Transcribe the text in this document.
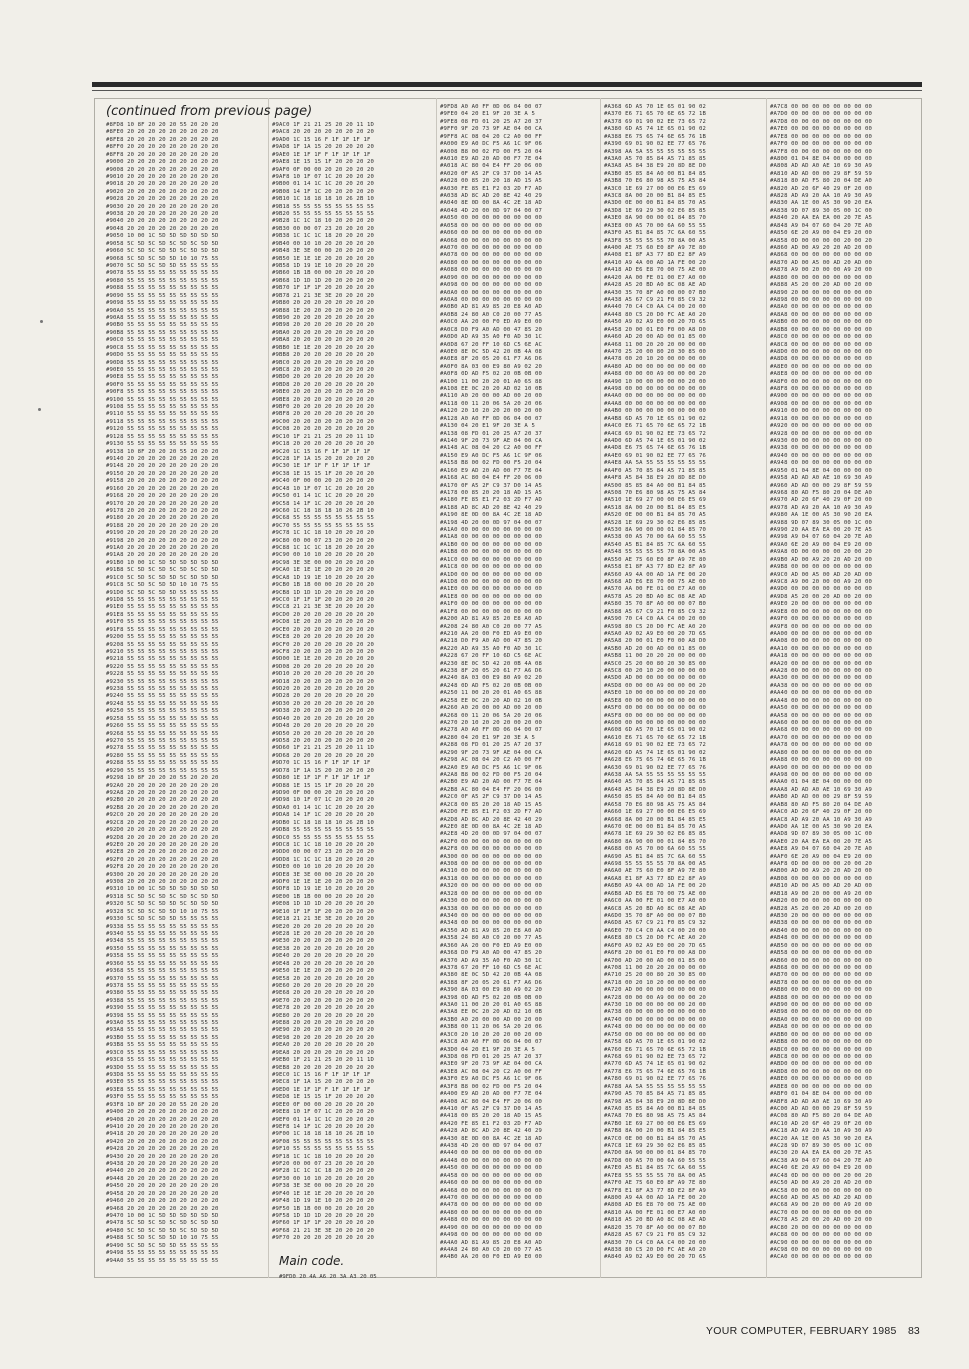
(continued from previous page)
#8FD8 10 8F 20 20 20 55 20 20 20
#8FE0 20 20 20 20 20 20 20 20 20
#8FE8 20 20 20 20 20 20 20 20 20
#8FF0 20 20 20 20 20 20 20 20 20
#8FF8 20 20 20 20 20 20 20 20 20
#9000 20 20 20 20 20 20 20 20 20
#9008 20 20 20 20 20 20 20 20 20
#9010 20 20 20 20 20 20 20 20 20
#9018 20 20 20 20 20 20 20 20 20
#9020 20 20 20 20 20 20 20 20 20
#9028 20 20 20 20 20 20 20 20 20
#9030 20 20 20 20 20 20 20 20 20
#9038 20 20 20 20 20 20 20 20 20
#9040 20 20 20 20 20 20 20 20 20
#9048 20 20 20 20 20 20 20 20 20
#9050 10 00 1C 5D 5D 5D 5D 5D 5D
#9058 5C 5D 5C 5D 5C 5D 5C 5D 5D
#9060 5C 5D 5C 5D 5D 5C 5D 5D 5D
#9068 5C 5D 5C 5D 5D 10 10 75 55
#9070 5C 5D 5C 5D 5D 55 55 55 55
#9078 55 55 55 55 55 55 55 55 55
#9080 55 55 55 55 55 55 55 55 55
#9088 55 55 55 55 55 55 55 55 55
#9090 55 55 55 55 55 55 55 55 55
#9098 55 55 55 55 55 55 55 55 55
#90A0 55 55 55 55 55 55 55 55 55
#90A8 55 55 55 55 55 55 55 55 55
#90B0 55 55 55 55 55 55 55 55 55
#90B8 55 55 55 55 55 55 55 55 55
#90C0 55 55 55 55 55 55 55 55 55
#90C8 55 55 55 55 55 55 55 55 55
#90D0 55 55 55 55 55 55 55 55 55
#90D8 55 55 55 55 55 55 55 55 55
#90E0 55 55 55 55 55 55 55 55 55
#90E8 55 55 55 55 55 55 55 55 55
#90F0 55 55 55 55 55 55 55 55 55
#90F8 55 55 55 55 55 55 55 55 55
#9100 55 55 55 55 55 55 55 55 55
#9108 55 55 55 55 55 55 55 55 55
#9110 55 55 55 55 55 55 55 55 55
#9118 55 55 55 55 55 55 55 55 55
#9120 55 55 55 55 55 55 55 55 55
#9128 55 55 55 55 55 55 55 55 55
#9130 55 55 55 55 55 55 55 55 55
#9138 10 8F 20 20 20 55 20 20 20
#9140 20 20 20 20 20 20 20 20 20
#9148 20 20 20 20 20 20 20 20 20
#9150 20 20 20 20 20 20 20 20 20
#9158 20 20 20 20 20 20 20 20 20
#9160 20 20 20 20 20 20 20 20 20
#9168 20 20 20 20 20 20 20 20 20
#9170 20 20 20 20 20 20 20 20 20
#9178 20 20 20 20 20 20 20 20 20
#9180 20 20 20 20 20 20 20 20 20
#9188 20 20 20 20 20 20 20 20 20
#9190 20 20 20 20 20 20 20 20 20
#9198 20 20 20 20 20 20 20 20 20
#91A0 20 20 20 20 20 20 20 20 20
#91A8 20 20 20 20 20 20 20 20 20
#91B0 10 00 1C 5D 5D 5D 5D 5D 5D
#91B8 5C 5D 5C 5D 5C 5D 5C 5D 5D
#91C0 5C 5D 5C 5D 5D 5C 5D 5D 5D
#91C8 5C 5D 5C 5D 5D 10 10 75 55
#91D0 5C 5D 5C 5D 5D 55 55 55 55
#91D8 55 55 55 55 55 55 55 55 55
#91E0 55 55 55 55 55 55 55 55 55
#91E8 55 55 55 55 55 55 55 55 55
#91F0 55 55 55 55 55 55 55 55 55
#91F8 55 55 55 55 55 55 55 55 55
#9200 55 55 55 55 55 55 55 55 55
#9208 55 55 55 55 55 55 55 55 55
#9210 55 55 55 55 55 55 55 55 55
#9218 55 55 55 55 55 55 55 55 55
#9220 55 55 55 55 55 55 55 55 55
#9228 55 55 55 55 55 55 55 55 55
#9230 55 55 55 55 55 55 55 55 55
#9238 55 55 55 55 55 55 55 55 55
#9240 55 55 55 55 55 55 55 55 55
#9248 55 55 55 55 55 55 55 55 55
#9250 55 55 55 55 55 55 55 55 55
#9258 55 55 55 55 55 55 55 55 55
#9260 55 55 55 55 55 55 55 55 55
#9268 55 55 55 55 55 55 55 55 55
#9270 55 55 55 55 55 55 55 55 55
#9278 55 55 55 55 55 55 55 55 55
#9280 55 55 55 55 55 55 55 55 55
#9288 55 55 55 55 55 55 55 55 55
#9290 55 55 55 55 55 55 55 55 55
#9298 10 8F 20 20 20 55 20 20 20
#92A0 20 20 20 20 20 20 20 20 20
#92A8 20 20 20 20 20 20 20 20 20
#92B0 20 20 20 20 20 20 20 20 20
#92B8 20 20 20 20 20 20 20 20 20
#92C0 20 20 20 20 20 20 20 20 20
#92C8 20 20 20 20 20 20 20 20 20
#92D0 20 20 20 20 20 20 20 20 20
#92D8 20 20 20 20 20 20 20 20 20
#92E0 20 20 20 20 20 20 20 20 20
#92E8 20 20 20 20 20 20 20 20 20
#92F0 20 20 20 20 20 20 20 20 20
#92F8 20 20 20 20 20 20 20 20 20
#9300 20 20 20 20 20 20 20 20 20
#9308 20 20 20 20 20 20 20 20 20
#9310 10 00 1C 5D 5D 5D 5D 5D 5D
#9318 5C 5D 5C 5D 5C 5D 5C 5D 5D
#9320 5C 5D 5C 5D 5D 5C 5D 5D 5D
#9328 5C 5D 5C 5D 5D 10 10 75 55
#9330 5C 5D 5C 5D 5D 55 55 55 55
#9338 55 55 55 55 55 55 55 55 55
#9340 55 55 55 55 55 55 55 55 55
#9348 55 55 55 55 55 55 55 55 55
#9350 55 55 55 55 55 55 55 55 55
#9358 55 55 55 55 55 55 55 55 55
#9360 55 55 55 55 55 55 55 55 55
#9368 55 55 55 55 55 55 55 55 55
#9370 55 55 55 55 55 55 55 55 55
#9378 55 55 55 55 55 55 55 55 55
#9380 55 55 55 55 55 55 55 55 55
#9388 55 55 55 55 55 55 55 55 55
#9390 55 55 55 55 55 55 55 55 55
#9398 55 55 55 55 55 55 55 55 55
#93A0 55 55 55 55 55 55 55 55 55
#93A8 55 55 55 55 55 55 55 55 55
#93B0 55 55 55 55 55 55 55 55 55
#93B8 55 55 55 55 55 55 55 55 55
#93C0 55 55 55 55 55 55 55 55 55
#93C8 55 55 55 55 55 55 55 55 55
#93D0 55 55 55 55 55 55 55 55 55
#93D8 55 55 55 55 55 55 55 55 55
#93E0 55 55 55 55 55 55 55 55 55
#93E8 55 55 55 55 55 55 55 55 55
#93F0 55 55 55 55 55 55 55 55 55
#93F8 10 8F 20 20 20 55 20 20 20
#9400 20 20 20 20 20 20 20 20 20
#9408 20 20 20 20 20 20 20 20 20
#9410 20 20 20 20 20 20 20 20 20
#9418 20 20 20 20 20 20 20 20 20
#9420 20 20 20 20 20 20 20 20 20
#9428 20 20 20 20 20 20 20 20 20
#9430 20 20 20 20 20 20 20 20 20
#9438 20 20 20 20 20 20 20 20 20
#9440 20 20 20 20 20 20 20 20 20
#9448 20 20 20 20 20 20 20 20 20
#9450 20 20 20 20 20 20 20 20 20
#9458 20 20 20 20 20 20 20 20 20
#9460 20 20 20 20 20 20 20 20 20
#9468 20 20 20 20 20 20 20 20 20
#9470 10 00 1C 5D 5D 5D 5D 5D 5D
#9478 5C 5D 5C 5D 5C 5D 5C 5D 5D
#9480 5C 5D 5C 5D 5D 5C 5D 5D 5D
#9488 5C 5D 5C 5D 5D 10 10 75 55
#9490 5C 5D 5C 5D 5D 55 55 55 55
#9498 55 55 55 55 55 55 55 55 55
#94A0 55 55 55 55 55 55 55 55 55
#9AC0 1F 21 21 25 20 20 11 1D
#9AC8 20 20 20 20 20 20 20 20
#9AD0 1C 15 16 F 1F 1F 1F 1F
#9AD8 1F 1A 15 20 20 20 20 20
#9AE0 1E 1F 1F F 1F 1F 1F 1F
#9AE8 1E 15 15 1F 20 20 20 20
#9AF0 0F 00 00 20 20 20 20 20
#9AF8 10 1F 07 1C 20 20 20 20
#9B00 01 14 1C 1C 20 20 20 20
#9B08 14 1F 1C 20 20 20 20 20
#9B10 1C 18 18 18 10 26 2B 10
#9B18 55 55 55 55 55 55 55 55
#9B20 55 55 55 55 55 55 55 55
#9B28 1C 1C 18 10 20 20 20 20
#9B30 00 00 07 23 20 20 20 20
#9B38 1C 1C 1C 18 20 20 20 20
#9B40 00 10 10 20 20 20 20 20
#9B48 3E 3E 00 00 20 20 20 20
#9B50 1E 1E 1E 20 20 20 20 20
#9B58 1D 19 1E 10 20 20 20 20
#9B60 1B 1B 00 00 20 20 20 20
#9B68 1D 1D 1D 20 20 20 20 20
#9B70 1F 1F 1F 20 20 20 20 20
#9B78 21 21 3E 3E 20 20 20 20
#9B80 20 20 20 20 20 20 20 20
#9B88 1E 20 20 20 20 20 20 20
#9B90 20 20 20 20 20 20 20 20
#9B98 20 20 20 20 20 20 20 20
#9BA0 20 20 20 20 20 20 20 20
#9BA8 20 20 20 20 20 20 20 20
#9BB0 1E 1E 20 20 20 20 20 20
#9BB8 20 20 20 20 20 20 20 20
#9BC0 20 20 20 20 20 20 20 20
#9BC8 20 20 20 20 20 20 20 20
#9BD0 20 20 20 20 20 20 20 20
#9BD8 20 20 20 20 20 20 20 20
#9BE0 20 20 20 20 20 20 20 20
#9BE8 20 20 20 20 20 20 20 20
#9BF0 20 20 20 20 20 20 20 20
#9BF8 20 20 20 20 20 20 20 20
#9C00 20 20 20 20 20 20 20 20
#9C08 20 20 20 20 20 20 20 20
#9C10 1F 21 21 25 20 20 11 1D
#9C18 20 20 20 20 20 20 20 20
#9C20 1C 15 16 F 1F 1F 1F 1F
#9C28 1F 1A 15 20 20 20 20 20
#9C30 1E 1F 1F F 1F 1F 1F 1F
#9C38 1E 15 15 1F 20 20 20 20
#9C40 0F 00 00 20 20 20 20 20
#9C48 10 1F 07 1C 20 20 20 20
#9C50 01 14 1C 1C 20 20 20 20
#9C58 14 1F 1C 20 20 20 20 20
#9C60 1C 18 18 18 10 26 2B 10
#9C68 55 55 55 55 55 55 55 55
#9C70 55 55 55 55 55 55 55 55
#9C78 1C 1C 18 10 20 20 20 20
#9C80 00 00 07 23 20 20 20 20
#9C88 1C 1C 1C 18 20 20 20 20
#9C90 00 10 10 20 20 20 20 20
#9C98 3E 3E 00 00 20 20 20 20
#9CA0 1E 1E 1E 20 20 20 20 20
#9CA8 1D 19 1E 10 20 20 20 20
#9CB0 1B 1B 00 00 20 20 20 20
#9CB8 1D 1D 1D 20 20 20 20 20
#9CC0 1F 1F 1F 20 20 20 20 20
#9CC8 21 21 3E 3E 20 20 20 20
#9CD0 20 20 20 20 20 20 20 20
#9CD8 1E 20 20 20 20 20 20 20
#9CE0 20 20 20 20 20 20 20 20
#9CE8 20 20 20 20 20 20 20 20
#9CF0 20 20 20 20 20 20 20 20
#9CF8 20 20 20 20 20 20 20 20
#9D00 1E 1E 20 20 20 20 20 20
#9D08 20 20 20 20 20 20 20 20
#9D10 20 20 20 20 20 20 20 20
#9D18 20 20 20 20 20 20 20 20
#9D20 20 20 20 20 20 20 20 20
#9D28 20 20 20 20 20 20 20 20
#9D30 20 20 20 20 20 20 20 20
#9D38 20 20 20 20 20 20 20 20
#9D40 20 20 20 20 20 20 20 20
#9D48 20 20 20 20 20 20 20 20
#9D50 20 20 20 20 20 20 20 20
#9D58 20 20 20 20 20 20 20 20
#9D60 1F 21 21 25 20 20 11 1D
#9D68 20 20 20 20 20 20 20 20
#9D70 1C 15 16 F 1F 1F 1F 1F
#9D78 1F 1A 15 20 20 20 20 20
#9D80 1E 1F 1F F 1F 1F 1F 1F
#9D88 1E 15 15 1F 20 20 20 20
#9D90 0F 00 00 20 20 20 20 20
#9D98 10 1F 07 1C 20 20 20 20
#9DA0 01 14 1C 1C 20 20 20 20
#9DA8 14 1F 1C 20 20 20 20 20
#9DB0 1C 18 18 18 10 26 2B 10
#9DB8 55 55 55 55 55 55 55 55
#9DC0 55 55 55 55 55 55 55 55
#9DC8 1C 1C 18 10 20 20 20 20
#9DD0 00 00 07 23 20 20 20 20
#9DD8 1C 1C 1C 18 20 20 20 20
#9DE0 00 10 10 20 20 20 20 20
#9DE8 3E 3E 00 00 20 20 20 20
#9DF0 1E 1E 1E 20 20 20 20 20
#9DF8 1D 19 1E 10 20 20 20 20
#9E00 1B 1B 00 00 20 20 20 20
#9E08 1D 1D 1D 20 20 20 20 20
#9E10 1F 1F 1F 20 20 20 20 20
#9E18 21 21 3E 3E 20 20 20 20
#9E20 20 20 20 20 20 20 20 20
#9E28 1E 20 20 20 20 20 20 20
#9E30 20 20 20 20 20 20 20 20
#9E38 20 20 20 20 20 20 20 20
#9E40 20 20 20 20 20 20 20 20
#9E48 20 20 20 20 20 20 20 20
#9E50 1E 1E 20 20 20 20 20 20
#9E58 20 20 20 20 20 20 20 20
#9E60 20 20 20 20 20 20 20 20
#9E68 20 20 20 20 20 20 20 20
#9E70 20 20 20 20 20 20 20 20
#9E78 20 20 20 20 20 20 20 20
#9E80 20 20 20 20 20 20 20 20
#9E88 20 20 20 20 20 20 20 20
#9E90 20 20 20 20 20 20 20 20
#9E98 20 20 20 20 20 20 20 20
#9EA0 20 20 20 20 20 20 20 20
#9EA8 20 20 20 20 20 20 20 20
#9EB0 1F 21 21 25 20 20 11 1D
#9EB8 20 20 20 20 20 20 20 20
#9EC0 1C 15 16 F 1F 1F 1F 1F
#9EC8 1F 1A 15 20 20 20 20 20
#9ED0 1E 1F 1F F 1F 1F 1F 1F
#9ED8 1E 15 15 1F 20 20 20 20
#9EE0 0F 00 00 20 20 20 20 20
#9EE8 10 1F 07 1C 20 20 20 20
#9EF0 01 14 1C 1C 20 20 20 20
#9EF8 14 1F 1C 20 20 20 20 20
#9F00 1C 18 18 18 10 26 2B 10
#9F08 55 55 55 55 55 55 55 55
#9F10 55 55 55 55 55 55 55 55
#9F18 1C 1C 18 10 20 20 20 20
#9F20 00 00 07 23 20 20 20 20
#9F28 1C 1C 1C 18 20 20 20 20
#9F30 00 10 10 20 20 20 20 20
#9F38 3E 3E 00 00 20 20 20 20
#9F40 1E 1E 1E 20 20 20 20 20
#9F48 1D 19 1E 10 20 20 20 20
#9F50 1B 1B 00 00 20 20 20 20
#9F58 1D 1D 1D 20 20 20 20 20
#9F60 1F 1F 1F 20 20 20 20 20
#9F68 21 21 3E 3E 20 20 20 20
#9F70 20 20 20 20 20 20 20 20
#9FD8 A0 A0 FF 0D 06 04 00 07
#9FE0 04 20 E1 9F 20 3E A 5
#9FE8 08 FD 01 20 25 A7 20 37
#9FF0 9F 20 73 9F AE 04 00 CA
#9FF8 AC 08 04 20 C2 A0 00 FF
#A000 E9 A0 DC F5 A6 1C 9F 06
#A008 B8 00 02 FD 00 F5 20 04
#A010 E9 AD 20 AD 00 F7 7E 04
#A018 AC 80 04 E4 FF 20 06 00
#A020 0F A5 2F C9 37 D0 14 A5
#A028 00 85 20 20 18 AD 15 A5
#A030 FE 85 E1 F2 03 2D F7 AD
#A038 AD 8C AD 20 8E 42 40 29
#A040 8E 0D 00 8A 4C 2E 18 AD
#A048 4D 20 00 0D 97 04 00 07
#A050 00 00 00 00 00 00 00 00
#A058 00 00 00 00 00 00 00 00
#A060 00 00 00 00 00 00 00 00
#A068 00 00 00 00 00 00 00 00
#A070 00 00 00 00 00 00 00 00
#A078 00 00 00 00 00 00 00 00
#A080 00 00 00 00 00 00 00 00
#A088 00 00 00 00 00 00 00 00
#A090 00 00 00 00 00 00 00 00
#A098 00 00 00 00 00 00 00 00
#A0A0 00 00 00 00 00 00 00 00
#A0A8 00 00 00 00 00 00 00 00
#A0B0 AD 81 A9 85 20 E8 A0 AD
#A0B8 24 80 A0 C0 20 00 77 A5
#A0C0 AA 20 00 F0 ED A9 E0 00
#A0C8 D0 F9 A0 AD 00 47 85 20
#A0D0 AD A9 35 A0 F0 AD 30 1C
#A0D8 67 20 FF 10 6D C5 6E AC
#A0E0 8E 0C 5D 42 20 0B 4A 08
#A0E8 8F 20 05 20 61 F7 A6 D6
#A0F0 8A 03 00 E9 80 A9 02 20
#A0F8 0D AD F5 02 20 0B 0B 00
#A100 11 00 20 20 01 A0 65 88
#A108 EE 0C 20 20 AD 02 10 0B
#A110 A0 20 00 00 AD 00 20 00
#A118 00 11 20 06 5A 20 20 06
#A120 20 10 20 20 20 00 20 00
#A128 A0 A0 FF 0D 06 04 00 07
#A130 04 20 E1 9F 20 3E A 5
#A138 08 FD 01 20 25 A7 20 37
#A140 9F 20 73 9F AE 04 00 CA
#A148 AC 08 04 20 C2 A0 00 FF
#A150 E9 A0 DC F5 A6 1C 9F 06
#A158 B8 00 02 FD 00 F5 20 04
#A160 E9 AD 20 AD 00 F7 7E 04
#A168 AC 80 04 E4 FF 20 06 00
#A170 0F A5 2F C9 37 D0 14 A5
#A178 00 85 20 20 18 AD 15 A5
#A180 FE 85 E1 F2 03 2D F7 AD
#A188 AD 8C AD 20 8E 42 40 29
#A190 8E 0D 00 8A 4C 2E 18 AD
#A198 4D 20 00 0D 97 04 00 07
#A1A0 00 00 00 00 00 00 00 00
#A1A8 00 00 00 00 00 00 00 00
#A1B0 00 00 00 00 00 00 00 00
#A1B8 00 00 00 00 00 00 00 00
#A1C0 00 00 00 00 00 00 00 00
#A1C8 00 00 00 00 00 00 00 00
#A1D0 00 00 00 00 00 00 00 00
#A1D8 00 00 00 00 00 00 00 00
#A1E0 00 00 00 00 00 00 00 00
#A1E8 00 00 00 00 00 00 00 00
#A1F0 00 00 00 00 00 00 00 00
#A1F8 00 00 00 00 00 00 00 00
#A200 AD 81 A9 85 20 E8 A0 AD
#A208 24 80 A0 C0 20 00 77 A5
#A210 AA 20 00 F0 ED A9 E0 00
#A218 D0 F9 A0 AD 00 47 85 20
#A220 AD A9 35 A0 F0 AD 30 1C
#A228 67 20 FF 10 6D C5 6E AC
#A230 8E 0C 5D 42 20 0B 4A 08
#A238 8F 20 05 20 61 F7 A6 D6
#A240 8A 03 00 E9 80 A9 02 20
#A248 0D AD F5 02 20 0B 0B 00
#A250 11 00 20 20 01 A0 65 88
#A258 EE 0C 20 20 AD 02 10 0B
#A260 A0 20 00 00 AD 00 20 00
#A268 00 11 20 06 5A 20 20 06
#A270 20 10 20 20 20 00 20 00
#A278 A0 A0 FF 0D 06 04 00 07
#A280 04 20 E1 9F 20 3E A 5
#A288 08 FD 01 20 25 A7 20 37
#A290 9F 20 73 9F AE 04 00 CA
#A298 AC 08 04 20 C2 A0 00 FF
#A2A0 E9 A0 DC F5 A6 1C 9F 06
#A2A8 B8 00 02 FD 00 F5 20 04
#A2B0 E9 AD 20 AD 00 F7 7E 04
#A2B8 AC 80 04 E4 FF 20 06 00
#A2C0 0F A5 2F C9 37 D0 14 A5
#A2C8 00 85 20 20 18 AD 15 A5
#A2D0 FE 85 E1 F2 03 2D F7 AD
#A2D8 AD 8C AD 20 8E 42 40 29
#A2E0 8E 0D 00 8A 4C 2E 18 AD
#A2E8 4D 20 00 0D 97 04 00 07
#A2F0 00 00 00 00 00 00 00 00
#A2F8 00 00 00 00 00 00 00 00
#A300 00 00 00 00 00 00 00 00
#A308 00 00 00 00 00 00 00 00
#A310 00 00 00 00 00 00 00 00
#A318 00 00 00 00 00 00 00 00
#A320 00 00 00 00 00 00 00 00
#A328 00 00 00 00 00 00 00 00
#A330 00 00 00 00 00 00 00 00
#A338 00 00 00 00 00 00 00 00
#A340 00 00 00 00 00 00 00 00
#A348 00 00 00 00 00 00 00 00
#A350 AD 81 A9 85 20 E8 A0 AD
#A358 24 80 A0 C0 20 00 77 A5
#A360 AA 20 00 F0 ED A9 E0 00
#A368 D0 F9 A0 AD 00 47 85 20
#A370 AD A9 35 A0 F0 AD 30 1C
#A378 67 20 FF 10 6D C5 6E AC
#A380 8E 0C 5D 42 20 0B 4A 08
#A388 8F 20 05 20 61 F7 A6 D6
#A390 8A 03 00 E9 80 A9 02 20
#A398 0D AD F5 02 20 0B 0B 00
#A3A0 11 00 20 20 01 A0 65 88
#A3A8 EE 0C 20 20 AD 02 10 0B
#A3B0 A0 20 00 00 AD 00 20 00
#A3B8 00 11 20 06 5A 20 20 06
#A3C0 20 10 20 20 20 00 20 00
#A3C8 A0 A0 FF 0D 06 04 00 07
#A3D0 04 20 E1 9F 20 3E A 5
#A3D8 08 FD 01 20 25 A7 20 37
#A3E0 9F 20 73 9F AE 04 00 CA
#A3E8 AC 08 04 20 C2 A0 00 FF
#A3F0 E9 A0 DC F5 A6 1C 9F 06
#A3F8 B8 00 02 FD 00 F5 20 04
#A400 E9 AD 20 AD 00 F7 7E 04
#A408 AC 80 04 E4 FF 20 06 00
#A410 0F A5 2F C9 37 D0 14 A5
#A418 00 85 20 20 18 AD 15 A5
#A420 FE 85 E1 F2 03 2D F7 AD
#A428 AD 8C AD 20 8E 42 40 29
#A430 8E 0D 00 8A 4C 2E 18 AD
#A438 4D 20 00 0D 97 04 00 07
#A440 00 00 00 00 00 00 00 00
#A448 00 00 00 00 00 00 00 00
#A450 00 00 00 00 00 00 00 00
#A458 00 00 00 00 00 00 00 00
#A460 00 00 00 00 00 00 00 00
#A468 00 00 00 00 00 00 00 00
#A470 00 00 00 00 00 00 00 00
#A478 00 00 00 00 00 00 00 00
#A480 00 00 00 00 00 00 00 00
#A488 00 00 00 00 00 00 00 00
#A490 00 00 00 00 00 00 00 00
#A498 00 00 00 00 00 00 00 00
#A4A0 AD 81 A9 85 20 E8 A0 AD
#A4A8 24 80 A0 C0 20 00 77 A5
#A4B0 AA 20 00 F0 ED A9 E0 00
#A368 6D A5 70 1E 65 01 90 02
#A370 E6 71 65 70 6E 65 72 1B
#A378 69 01 90 02 EE 73 65 72
#A380 6D A5 74 1E 65 01 90 02
#A388 E6 75 65 74 6E 65 76 1B
#A390 69 01 90 02 EE 77 65 76
#A398 AA 5A 55 55 55 55 55 55
#A3A0 A5 70 85 84 A5 71 85 85
#A3A8 A5 84 38 E9 20 8D 8E D0
#A3B0 85 85 84 A0 00 B1 84 85
#A3B8 70 E6 80 98 A5 75 A5 84
#A3C0 1E 69 27 00 00 E6 E5 69
#A3C8 8A 00 20 00 B1 84 85 E5
#A3D0 0E 00 00 B1 84 85 70 A5
#A3D8 1E 69 29 30 02 E6 85 85
#A3E0 8A 90 00 00 01 84 85 70
#A3E8 00 A5 70 00 6A 60 55 55
#A3F0 A5 B1 84 85 7C 6A 60 55
#A3F8 55 55 55 55 70 8A 00 A5
#A400 AE 75 60 E0 8F A9 7E 80
#A408 E1 8F A3 77 8D E2 8F A9
#A410 A9 4A 00 AD 1A FE 00 20
#A418 AD E6 E8 70 00 75 AE 00
#A420 AA 00 FE 01 00 E7 A0 00
#A428 A5 20 BD A0 8C 08 AE AD
#A430 35 70 8F A0 00 00 07 B0
#A438 A5 67 C9 21 F0 85 C9 32
#A440 70 C4 C0 AA C4 00 20 00
#A448 80 C5 20 D0 FC AE A0 20
#A450 A9 02 A9 E0 00 20 7D 65
#A458 20 00 01 E0 F0 00 A8 D0
#A460 AD 20 00 AD 00 01 85 00
#A468 11 00 20 20 20 00 00 00
#A470 25 20 00 80 20 30 85 00
#A478 00 20 10 20 00 00 00 00
#A480 AD 00 00 00 00 00 00 00
#A488 00 00 00 A9 00 00 00 20
#A490 10 00 00 00 00 00 20 00
#A498 00 00 00 00 00 00 00 00
#A4A0 00 00 00 00 00 00 00 00
#A4A8 00 00 00 00 00 00 00 00
#A4B0 00 00 00 00 00 00 00 00
#A4B8 6D A5 70 1E 65 01 90 02
#A4C0 E6 71 65 70 6E 65 72 1B
#A4C8 69 01 90 02 EE 73 65 72
#A4D0 6D A5 74 1E 65 01 90 02
#A4D8 E6 75 65 74 6E 65 76 1B
#A4E0 69 01 90 02 EE 77 65 76
#A4E8 AA 5A 55 55 55 55 55 55
#A4F0 A5 70 85 84 A5 71 85 85
#A4F8 A5 84 38 E9 20 8D 8E D0
#A500 85 85 84 A0 00 B1 84 85
#A508 70 E6 80 98 A5 75 A5 84
#A510 1E 69 27 00 00 E6 E5 69
#A518 8A 00 20 00 B1 84 85 E5
#A520 0E 00 00 B1 84 85 70 A5
#A528 1E 69 29 30 02 E6 85 85
#A530 8A 90 00 00 01 84 85 70
#A538 00 A5 70 00 6A 60 55 55
#A540 A5 B1 84 85 7C 6A 60 55
#A548 55 55 55 55 70 8A 00 A5
#A550 AE 75 60 E0 8F A9 7E 80
#A558 E1 8F A3 77 8D E2 8F A9
#A560 A9 4A 00 AD 1A FE 00 20
#A568 AD E6 E8 70 00 75 AE 00
#A570 AA 00 FE 01 00 E7 A0 00
#A578 A5 20 BD A0 8C 08 AE AD
#A580 35 70 8F A0 00 00 07 B0
#A588 A5 67 C9 21 F0 85 C9 32
#A590 70 C4 C0 AA C4 00 20 00
#A598 80 C5 20 D0 FC AE A0 20
#A5A0 A9 02 A9 E0 00 20 7D 65
#A5A8 20 00 01 E0 F0 00 A8 D0
#A5B0 AD 20 00 AD 00 01 85 00
#A5B8 11 00 20 20 20 00 00 00
#A5C0 25 20 00 80 20 30 85 00
#A5C8 00 20 10 20 00 00 00 00
#A5D0 AD 00 00 00 00 00 00 00
#A5D8 00 00 00 A9 00 00 00 20
#A5E0 10 00 00 00 00 00 20 00
#A5E8 00 00 00 00 00 00 00 00
#A5F0 00 00 00 00 00 00 00 00
#A5F8 00 00 00 00 00 00 00 00
#A600 00 00 00 00 00 00 00 00
#A608 6D A5 70 1E 65 01 90 02
#A610 E6 71 65 70 6E 65 72 1B
#A618 69 01 90 02 EE 73 65 72
#A620 6D A5 74 1E 65 01 90 02
#A628 E6 75 65 74 6E 65 76 1B
#A630 69 01 90 02 EE 77 65 76
#A638 AA 5A 55 55 55 55 55 55
#A640 A5 70 85 84 A5 71 85 85
#A648 A5 84 38 E9 20 8D 8E D0
#A650 85 85 84 A0 00 B1 84 85
#A658 70 E6 80 98 A5 75 A5 84
#A660 1E 69 27 00 00 E6 E5 69
#A668 8A 00 20 00 B1 84 85 E5
#A670 0E 00 00 B1 84 85 70 A5
#A678 1E 69 29 30 02 E6 85 85
#A680 8A 90 00 00 01 84 85 70
#A688 00 A5 70 00 6A 60 55 55
#A690 A5 B1 84 85 7C 6A 60 55
#A698 55 55 55 55 70 8A 00 A5
#A6A0 AE 75 60 E0 8F A9 7E 80
#A6A8 E1 8F A3 77 8D E2 8F A9
#A6B0 A9 4A 00 AD 1A FE 00 20
#A6B8 AD E6 E8 70 00 75 AE 00
#A6C0 AA 00 FE 01 00 E7 A0 00
#A6C8 A5 20 BD A0 8C 08 AE AD
#A6D0 35 70 8F A0 00 00 07 B0
#A6D8 A5 67 C9 21 F0 85 C9 32
#A6E0 70 C4 C0 AA C4 00 20 00
#A6E8 80 C5 20 D0 FC AE A0 20
#A6F0 A9 02 A9 E0 00 20 7D 65
#A6F8 20 00 01 E0 F0 00 A8 D0
#A700 AD 20 00 AD 00 01 85 00
#A708 11 00 20 20 20 00 00 00
#A710 25 20 00 80 20 30 85 00
#A718 00 20 10 20 00 00 00 00
#A720 AD 00 00 00 00 00 00 00
#A728 00 00 00 A9 00 00 00 20
#A730 10 00 00 00 00 00 20 00
#A738 00 00 00 00 00 00 00 00
#A740 00 00 00 00 00 00 00 00
#A748 00 00 00 00 00 00 00 00
#A750 00 00 00 00 00 00 00 00
#A758 6D A5 70 1E 65 01 90 02
#A760 E6 71 65 70 6E 65 72 1B
#A768 69 01 90 02 EE 73 65 72
#A770 6D A5 74 1E 65 01 90 02
#A778 E6 75 65 74 6E 65 76 1B
#A780 69 01 90 02 EE 77 65 76
#A788 AA 5A 55 55 55 55 55 55
#A790 A5 70 85 84 A5 71 85 85
#A798 A5 84 38 E9 20 8D 8E D0
#A7A0 85 85 84 A0 00 B1 84 85
#A7A8 70 E6 80 98 A5 75 A5 84
#A7B0 1E 69 27 00 00 E6 E5 69
#A7B8 8A 00 20 00 B1 84 85 E5
#A7C0 0E 00 00 B1 84 85 70 A5
#A7C8 1E 69 29 30 02 E6 85 85
#A7D0 8A 90 00 00 01 84 85 70
#A7D8 00 A5 70 00 6A 60 55 55
#A7E0 A5 B1 84 85 7C 6A 60 55
#A7E8 55 55 55 55 70 8A 00 A5
#A7F0 AE 75 60 E0 8F A9 7E 80
#A7F8 E1 8F A3 77 8D E2 8F A9
#A800 A9 4A 00 AD 1A FE 00 20
#A808 AD E6 E8 70 00 75 AE 00
#A810 AA 00 FE 01 00 E7 A0 00
#A818 A5 20 BD A0 8C 08 AE AD
#A820 35 70 8F A0 00 00 07 B0
#A828 A5 67 C9 21 F0 85 C9 32
#A830 70 C4 C0 AA C4 00 20 00
#A838 80 C5 20 D0 FC AE A0 20
#A840 A9 02 A9 E0 00 20 7D 65
#A7C8 00 00 00 00 00 00 00 00
#A7D0 00 00 00 00 00 00 00 00
#A7D8 00 00 00 00 00 00 00 00
#A7E0 00 00 00 00 00 00 00 00
#A7E8 00 00 00 00 00 00 00 00
#A7F0 00 00 00 00 00 00 00 00
#A7F8 00 00 00 00 00 00 00 00
#A800 01 04 8E 04 00 00 00 00
#A808 AD AD A0 AE 10 69 30 A9
#A810 AD AD 00 00 29 8F 59 59
#A818 80 AD F5 80 20 04 DE A0
#A820 AD 20 6F 40 29 0F 20 00
#A828 AD A9 20 AA 10 A9 30 A9
#A830 AA 1E 00 A5 30 90 20 EA
#A838 9D 07 89 30 05 00 1C 00
#A840 20 AA EA EA 00 20 7E A5
#A848 A9 04 07 60 04 20 7E A0
#A850 6E 20 A9 00 04 E9 20 00
#A858 0D 00 00 00 00 20 00 20
#A860 AD 00 A9 20 20 AD 20 00
#A868 00 00 00 00 00 00 00 00
#A870 AD 00 A5 00 AD 20 AD 00
#A878 A9 00 20 00 00 A9 20 00
#A880 00 00 00 00 00 00 00 00
#A888 A5 20 00 20 AD 00 20 00
#A890 20 00 00 00 00 00 00 00
#A898 00 00 00 00 00 00 00 00
#A8A0 00 00 00 00 00 00 00 00
#A8A8 00 00 00 00 00 00 00 00
#A8B0 00 00 00 00 00 00 00 00
#A8B8 00 00 00 00 00 00 00 00
#A8C0 00 00 00 00 00 00 00 00
#A8C8 00 00 00 00 00 00 00 00
#A8D0 00 00 00 00 00 00 00 00
#A8D8 00 00 00 00 00 00 00 00
#A8E0 00 00 00 00 00 00 00 00
#A8E8 00 00 00 00 00 00 00 00
#A8F0 00 00 00 00 00 00 00 00
#A8F8 00 00 00 00 00 00 00 00
#A900 00 00 00 00 00 00 00 00
#A908 00 00 00 00 00 00 00 00
#A910 00 00 00 00 00 00 00 00
#A918 00 00 00 00 00 00 00 00
#A920 00 00 00 00 00 00 00 00
#A928 00 00 00 00 00 00 00 00
#A930 00 00 00 00 00 00 00 00
#A938 00 00 00 00 00 00 00 00
#A940 00 00 00 00 00 00 00 00
#A948 00 00 00 00 00 00 00 00
#A950 01 04 8E 04 00 00 00 00
#A958 AD AD A0 AE 10 69 30 A9
#A960 AD AD 00 00 29 8F 59 59
#A968 80 AD F5 80 20 04 DE A0
#A970 AD 20 6F 40 29 0F 20 00
#A978 AD A9 20 AA 10 A9 30 A9
#A980 AA 1E 00 A5 30 90 20 EA
#A988 9D 07 89 30 05 00 1C 00
#A990 20 AA EA EA 00 20 7E A5
#A998 A9 04 07 60 04 20 7E A0
#A9A0 6E 20 A9 00 04 E9 20 00
#A9A8 0D 00 00 00 00 20 00 20
#A9B0 AD 00 A9 20 20 AD 20 00
#A9B8 00 00 00 00 00 00 00 00
#A9C0 AD 00 A5 00 AD 20 AD 00
#A9C8 A9 00 20 00 00 A9 20 00
#A9D0 00 00 00 00 00 00 00 00
#A9D8 A5 20 00 20 AD 00 20 00
#A9E0 20 00 00 00 00 00 00 00
#A9E8 00 00 00 00 00 00 00 00
#A9F0 00 00 00 00 00 00 00 00
#A9F8 00 00 00 00 00 00 00 00
#AA00 00 00 00 00 00 00 00 00
#AA08 00 00 00 00 00 00 00 00
#AA10 00 00 00 00 00 00 00 00
#AA18 00 00 00 00 00 00 00 00
#AA20 00 00 00 00 00 00 00 00
#AA28 00 00 00 00 00 00 00 00
#AA30 00 00 00 00 00 00 00 00
#AA38 00 00 00 00 00 00 00 00
#AA40 00 00 00 00 00 00 00 00
#AA48 00 00 00 00 00 00 00 00
#AA50 00 00 00 00 00 00 00 00
#AA58 00 00 00 00 00 00 00 00
#AA60 00 00 00 00 00 00 00 00
#AA68 00 00 00 00 00 00 00 00
#AA70 00 00 00 00 00 00 00 00
#AA78 00 00 00 00 00 00 00 00
#AA80 00 00 00 00 00 00 00 00
#AA88 00 00 00 00 00 00 00 00
#AA90 00 00 00 00 00 00 00 00
#AA98 00 00 00 00 00 00 00 00
#AAA0 01 04 8E 04 00 00 00 00
#AAA8 AD AD A0 AE 10 69 30 A9
#AAB0 AD AD 00 00 29 8F 59 59
#AAB8 80 AD F5 80 20 04 DE A0
#AAC0 AD 20 6F 40 29 0F 20 00
#AAC8 AD A9 20 AA 10 A9 30 A9
#AAD0 AA 1E 00 A5 30 90 20 EA
#AAD8 9D 07 89 30 05 00 1C 00
#AAE0 20 AA EA EA 00 20 7E A5
#AAE8 A9 04 07 60 04 20 7E A0
#AAF0 6E 20 A9 00 04 E9 20 00
#AAF8 0D 00 00 00 00 20 00 20
#AB00 AD 00 A9 20 20 AD 20 00
#AB08 00 00 00 00 00 00 00 00
#AB10 AD 00 A5 00 AD 20 AD 00
#AB18 A9 00 20 00 00 A9 20 00
#AB20 00 00 00 00 00 00 00 00
#AB28 A5 20 00 20 AD 00 20 00
#AB30 20 00 00 00 00 00 00 00
#AB38 00 00 00 00 00 00 00 00
#AB40 00 00 00 00 00 00 00 00
#AB48 00 00 00 00 00 00 00 00
#AB50 00 00 00 00 00 00 00 00
#AB58 00 00 00 00 00 00 00 00
#AB60 00 00 00 00 00 00 00 00
#AB68 00 00 00 00 00 00 00 00
#AB70 00 00 00 00 00 00 00 00
#AB78 00 00 00 00 00 00 00 00
#AB80 00 00 00 00 00 00 00 00
#AB88 00 00 00 00 00 00 00 00
#AB90 00 00 00 00 00 00 00 00
#AB98 00 00 00 00 00 00 00 00
#ABA0 00 00 00 00 00 00 00 00
#ABA8 00 00 00 00 00 00 00 00
#ABB0 00 00 00 00 00 00 00 00
#ABB8 00 00 00 00 00 00 00 00
#ABC0 00 00 00 00 00 00 00 00
#ABC8 00 00 00 00 00 00 00 00
#ABD0 00 00 00 00 00 00 00 00
#ABD8 00 00 00 00 00 00 00 00
#ABE0 00 00 00 00 00 00 00 00
#ABE8 00 00 00 00 00 00 00 00
#ABF0 01 04 8E 04 00 00 00 00
#ABF8 AD AD A0 AE 10 69 30 A9
#AC00 AD AD 00 00 29 8F 59 59
#AC08 80 AD F5 80 20 04 DE A0
#AC10 AD 20 6F 40 29 0F 20 00
#AC18 AD A9 20 AA 10 A9 30 A9
#AC20 AA 1E 00 A5 30 90 20 EA
#AC28 9D 07 89 30 05 00 1C 00
#AC30 20 AA EA EA 00 20 7E A5
#AC38 A9 04 07 60 04 20 7E A0
#AC40 6E 20 A9 00 04 E9 20 00
#AC48 0D 00 00 00 00 20 00 20
#AC50 AD 00 A9 20 20 AD 20 00
#AC58 00 00 00 00 00 00 00 00
#AC60 AD 00 A5 00 AD 20 AD 00
#AC68 A9 00 20 00 00 A9 20 00
#AC70 00 00 00 00 00 00 00 00
#AC78 A5 20 00 20 AD 00 20 00
#AC80 20 00 00 00 00 00 00 00
#AC88 00 00 00 00 00 00 00 00
#AC90 00 00 00 00 00 00 00 00
#AC98 00 00 00 00 00 00 00 00
#ACA0 00 00 00 00 00 00 00 00
Main code.
#9FD0 20 4A A6 20 3A A3 20 05
YOUR COMPUTER, FEBRUARY 1985 83
